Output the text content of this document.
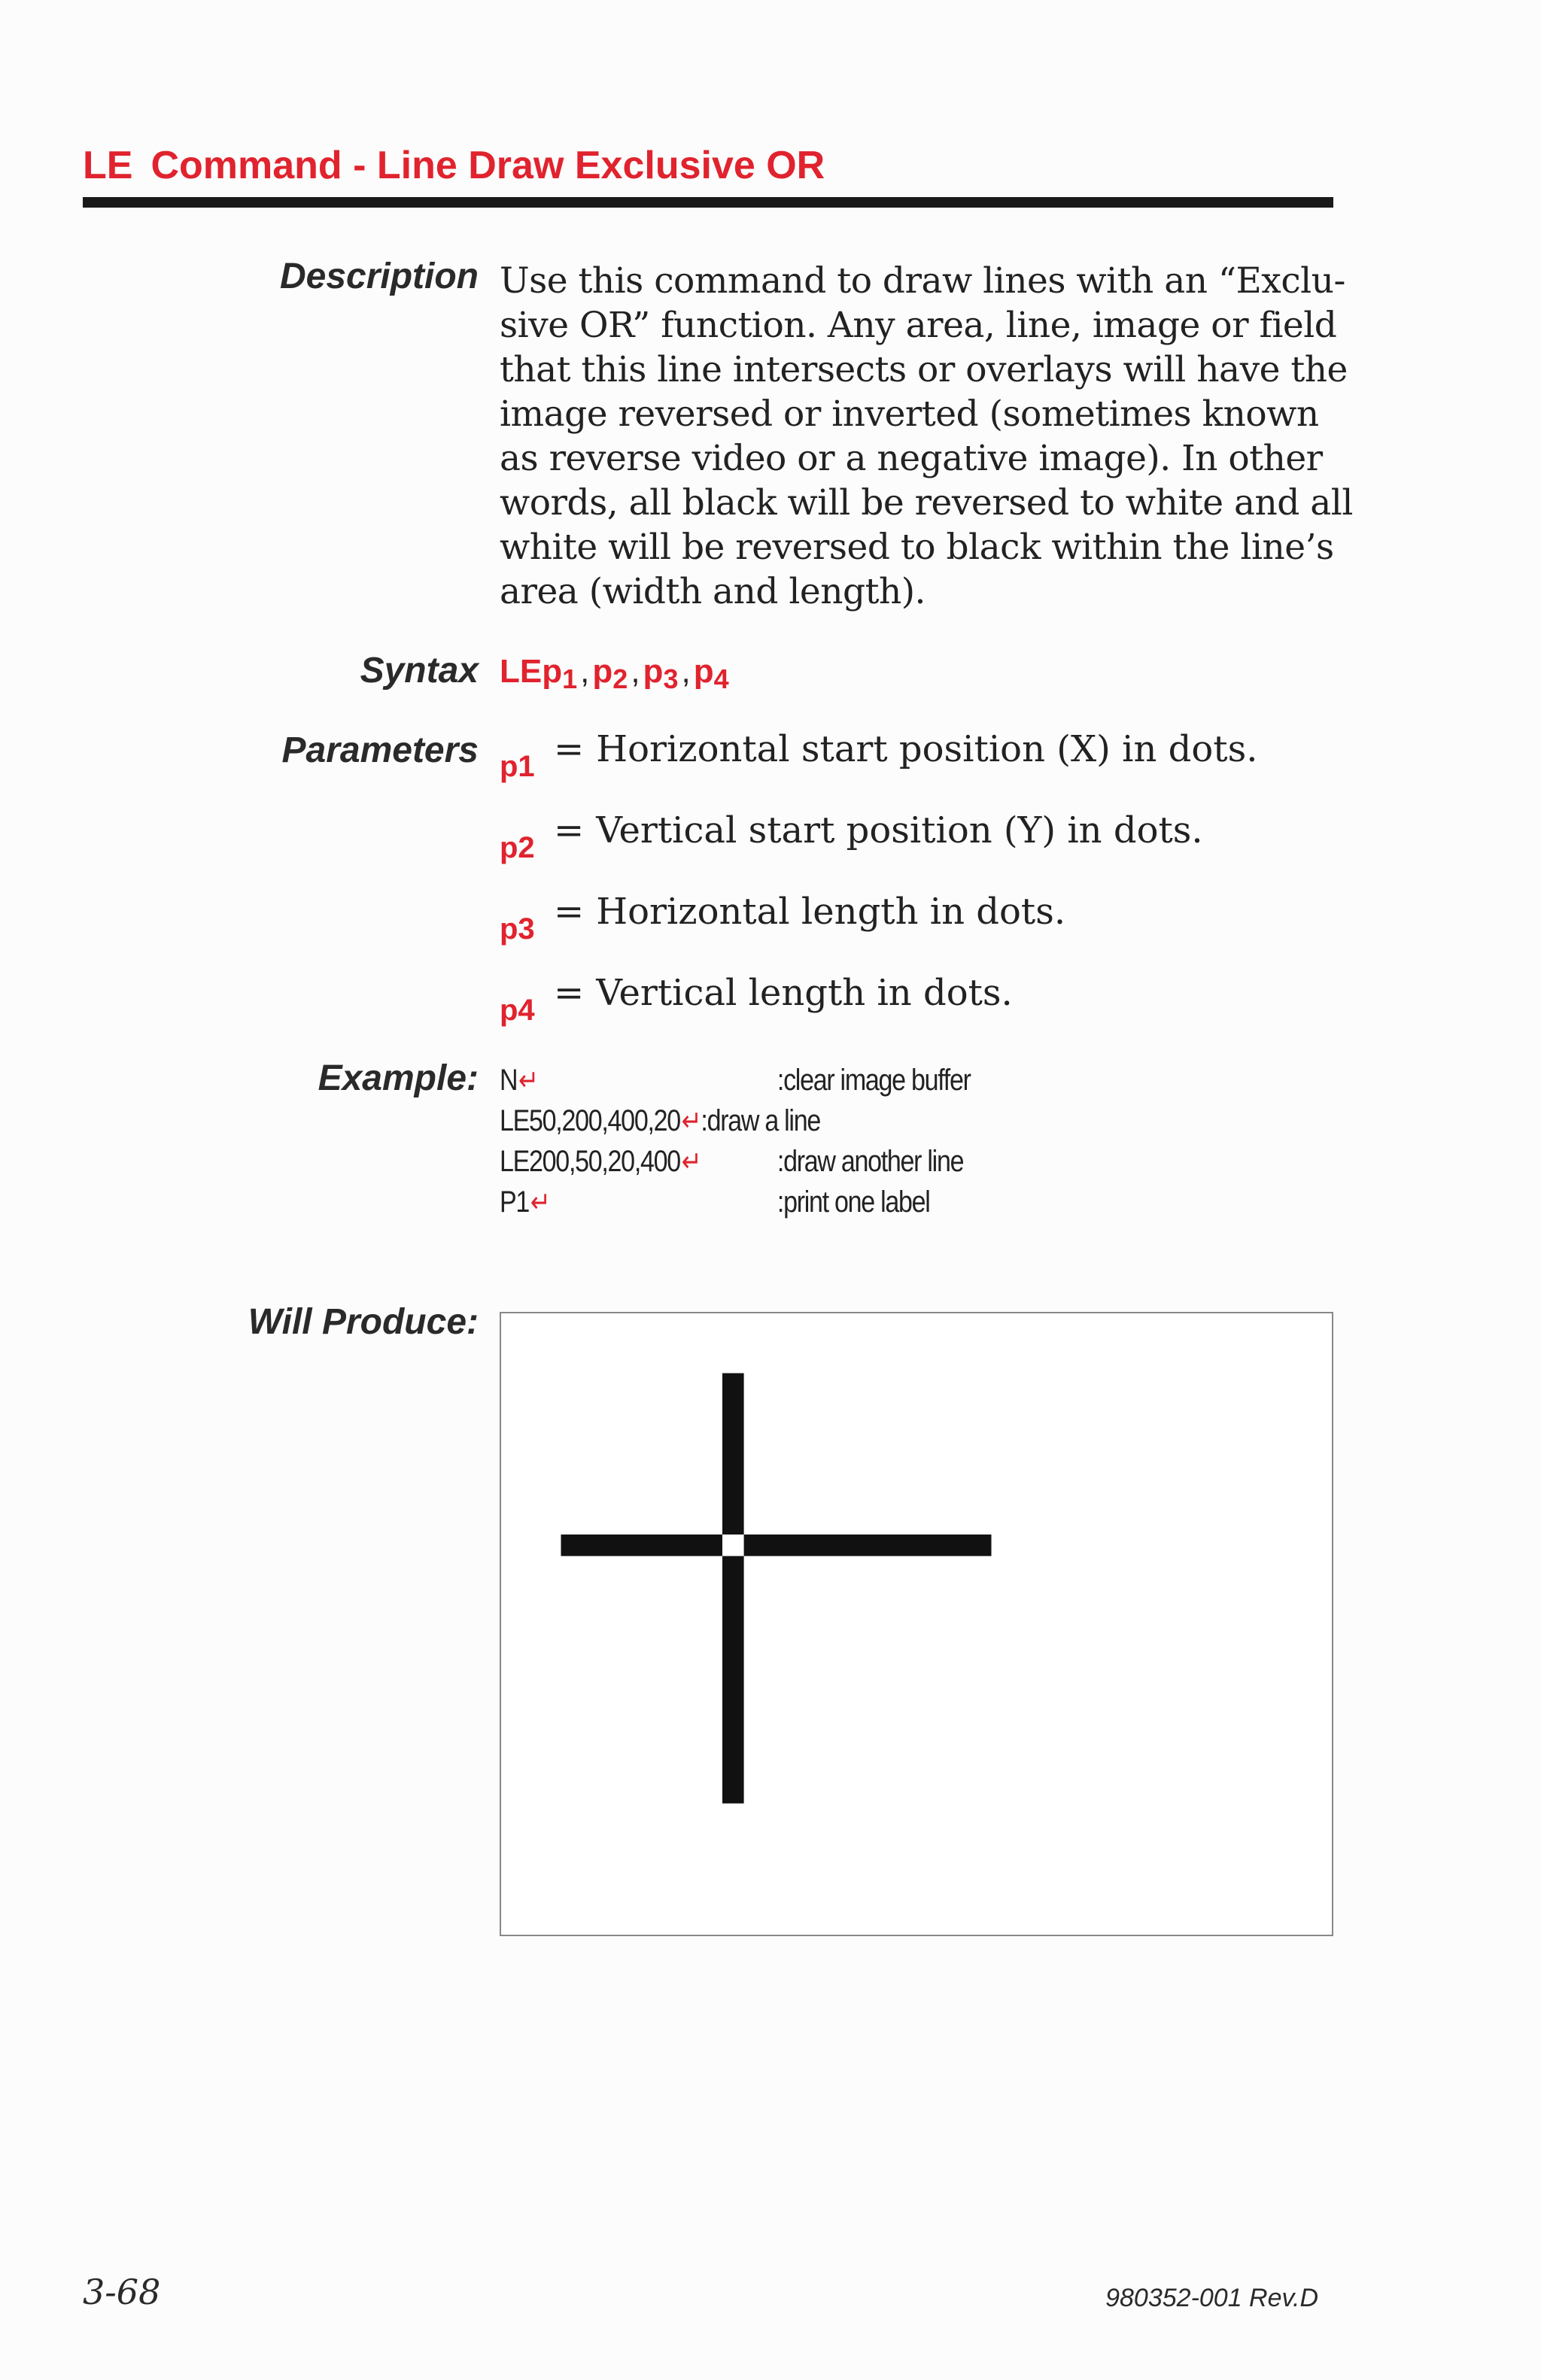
LE Command - Line Draw Exclusive OR
Description Use this command to draw lines with an “Exclu-
sive OR” function. Any area, line, image or field
that this line intersects or overlays will have the
image reversed or inverted (sometimes known
as reverse video or a negative image). In other
words, all black will be reversed to white and all
white will be reversed to black within the line’s
area (width and length).
Syntax $LEp_1,p_2,p_3,p_4$
Parameters p1 = Horizontal start position (X) in dots.
p2 = Vertical start position (Y) in dots.
p3 = Horizontal length in dots.
p4 = Vertical length in dots.
Example: N↵	:clear image buffer
LE50,200,400,20↵:draw a line
LE200,50,20,400↵	:draw another line
P1↵	:print one label
Will Produce:
3-68	980352-001 Rev.D
